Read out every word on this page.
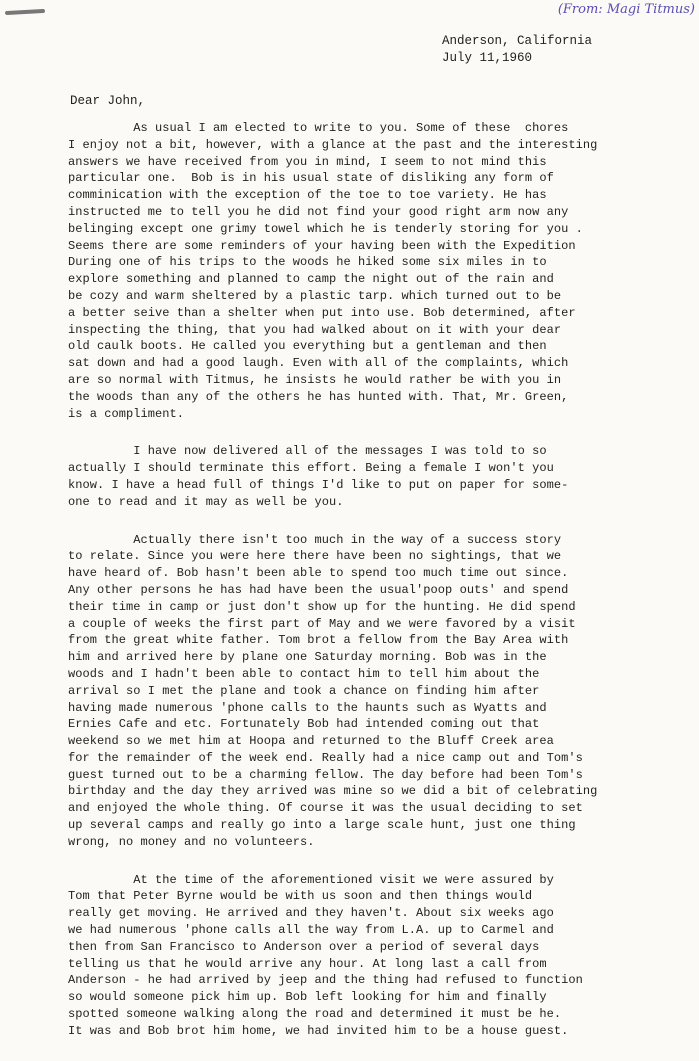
(From: Magi Titmus)
Anderson, California
July 11,1960
Dear John,
As usual I am elected to write to you. Some of these  chores
I enjoy not a bit, however, with a glance at the past and the interesting
answers we have received from you in mind, I seem to not mind this
particular one.  Bob is in his usual state of disliking any form of
comminication with the exception of the toe to toe variety. He has
instructed me to tell you he did not find your good right arm now any
belinging except one grimy towel which he is tenderly storing for you .
Seems there are some reminders of your having been with the Expedition
During one of his trips to the woods he hiked some six miles in to
explore something and planned to camp the night out of the rain and
be cozy and warm sheltered by a plastic tarp. which turned out to be
a better seive than a shelter when put into use. Bob determined, after
inspecting the thing, that you had walked about on it with your dear
old caulk boots. He called you everything but a gentleman and then
sat down and had a good laugh. Even with all of the complaints, which
are so normal with Titmus, he insists he would rather be with you in
the woods than any of the others he has hunted with. That, Mr. Green,
is a compliment.
I have now delivered all of the messages I was told to so
actually I should terminate this effort. Being a female I won't you
know. I have a head full of things I'd like to put on paper for some-
one to read and it may as well be you.
Actually there isn't too much in the way of a success story
to relate. Since you were here there have been no sightings, that we
have heard of. Bob hasn't been able to spend too much time out since.
Any other persons he has had have been the usual'poop outs' and spend
their time in camp or just don't show up for the hunting. He did spend
a couple of weeks the first part of May and we were favored by a visit
from the great white father. Tom brot a fellow from the Bay Area with
him and arrived here by plane one Saturday morning. Bob was in the
woods and I hadn't been able to contact him to tell him about the
arrival so I met the plane and took a chance on finding him after
having made numerous 'phone calls to the haunts such as Wyatts and
Ernies Cafe and etc. Fortunately Bob had intended coming out that
weekend so we met him at Hoopa and returned to the Bluff Creek area
for the remainder of the week end. Really had a nice camp out and Tom's
guest turned out to be a charming fellow. The day before had been Tom's
birthday and the day they arrived was mine so we did a bit of celebrating
and enjoyed the whole thing. Of course it was the usual deciding to set
up several camps and really go into a large scale hunt, just one thing
wrong, no money and no volunteers.
At the time of the aforementioned visit we were assured by
Tom that Peter Byrne would be with us soon and then things would
really get moving. He arrived and they haven't. About six weeks ago
we had numerous 'phone calls all the way from L.A. up to Carmel and
then from San Francisco to Anderson over a period of several days
telling us that he would arrive any hour. At long last a call from
Anderson - he had arrived by jeep and the thing had refused to function
so would someone pick him up. Bob left looking for him and finally
spotted someone walking along the road and determined it must be he.
It was and Bob brot him home, we had invited him to be a house guest.
